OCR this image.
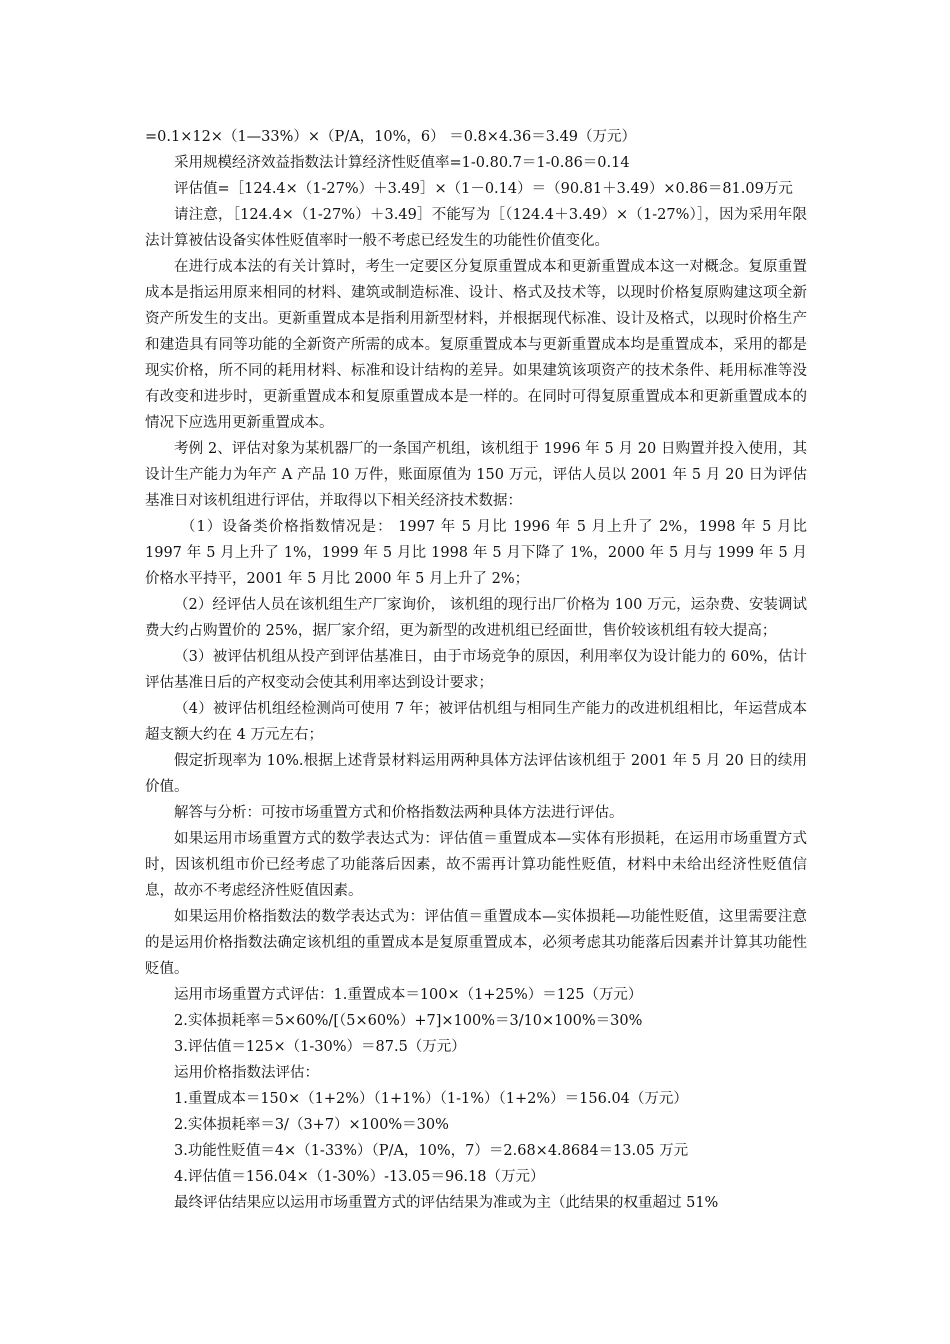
=0.1×12×（1—33%）×（P/A，10%，6） ＝0.8×4.36＝3.49（万元）

采用规模经济效益指数法计算经济性贬值率=1-0.80.7＝1-0.86＝0.14

评估值=［124.4×（1-27%）＋3.49］×（1－0.14）＝（90.81＋3.49）×0.86＝81.09万元

请注意，［124.4×（1-27%）＋3.49］不能写为［（124.4＋3.49）×（1-27%）］，因为采用年限法计算被估设备实体性贬值率时一般不考虑已经发生的功能性价值变化。

在进行成本法的有关计算时，考生一定要区分复原重置成本和更新重置成本这一对概念。复原重置成本是指运用原来相同的材料、建筑或制造标准、设计、格式及技术等，以现时价格复原购建这项全新资产所发生的支出。更新重置成本是指利用新型材料，并根据现代标准、设计及格式，以现时价格生产和建造具有同等功能的全新资产所需的成本。复原重置成本与更新重置成本均是重置成本，采用的都是现实价格，所不同的耗用材料、标准和设计结构的差异。如果建筑该项资产的技术条件、耗用标准等没有改变和进步时，更新重置成本和复原重置成本是一样的。在同时可得复原重置成本和更新重置成本的情况下应选用更新重置成本。

考例 2、评估对象为某机器厂的一条国产机组，该机组于 1996 年 5 月 20 日购置并投入使用，其设计生产能力为年产 A 产品 10 万件，账面原值为 150 万元，评估人员以 2001 年 5 月 20 日为评估基准日对该机组进行评估，并取得以下相关经济技术数据：

（1）设备类价格指数情况是： 1997 年 5 月比 1996 年 5 月上升了 2%，1998 年 5 月比 1997 年 5 月上升了 1%，1999 年 5 月比 1998 年 5 月下降了 1%，2000 年 5 月与 1999 年 5 月价格水平持平，2001 年 5 月比 2000 年 5 月上升了 2%；

（2）经评估人员在该机组生产厂家询价， 该机组的现行出厂价格为 100 万元，运杂费、安装调试费大约占购置价的 25%，据厂家介绍，更为新型的改进机组已经面世，售价较该机组有较大提高；

（3）被评估机组从投产到评估基准日，由于市场竞争的原因，利用率仅为设计能力的 60%，估计评估基准日后的产权变动会使其利用率达到设计要求；

（4）被评估机组经检测尚可使用 7 年；被评估机组与相同生产能力的改进机组相比，年运营成本超支额大约在 4 万元左右；

假定折现率为 10%.根据上述背景材料运用两种具体方法评估该机组于 2001 年 5 月 20 日的续用价值。

解答与分析：可按市场重置方式和价格指数法两种具体方法进行评估。

如果运用市场重置方式的数学表达式为：评估值＝重置成本—实体有形损耗，在运用市场重置方式时，因该机组市价已经考虑了功能落后因素，故不需再计算功能性贬值，材料中未给出经济性贬值信息，故亦不考虑经济性贬值因素。

如果运用价格指数法的数学表达式为：评估值＝重置成本—实体损耗—功能性贬值，这里需要注意的是运用价格指数法确定该机组的重置成本是复原重置成本，必须考虑其功能落后因素并计算其功能性贬值。

运用市场重置方式评估：1.重置成本＝100×（1+25%）＝125（万元）

2.实体损耗率＝5×60%/[（5×60%）+7]×100%＝3/10×100%＝30%

3.评估值＝125×（1-30%）＝87.5（万元）

运用价格指数法评估：

1.重置成本＝150×（1+2%）（1+1%）（1-1%）（1+2%）＝156.04（万元）

2.实体损耗率＝3/（3+7）×100%＝30%

3.功能性贬值＝4×（1-33%）（P/A，10%，7）＝2.68×4.8684＝13.05 万元

4.评估值＝156.04×（1-30%）-13.05＝96.18（万元）

最终评估结果应以运用市场重置方式的评估结果为准或为主（此结果的权重超过 51%
